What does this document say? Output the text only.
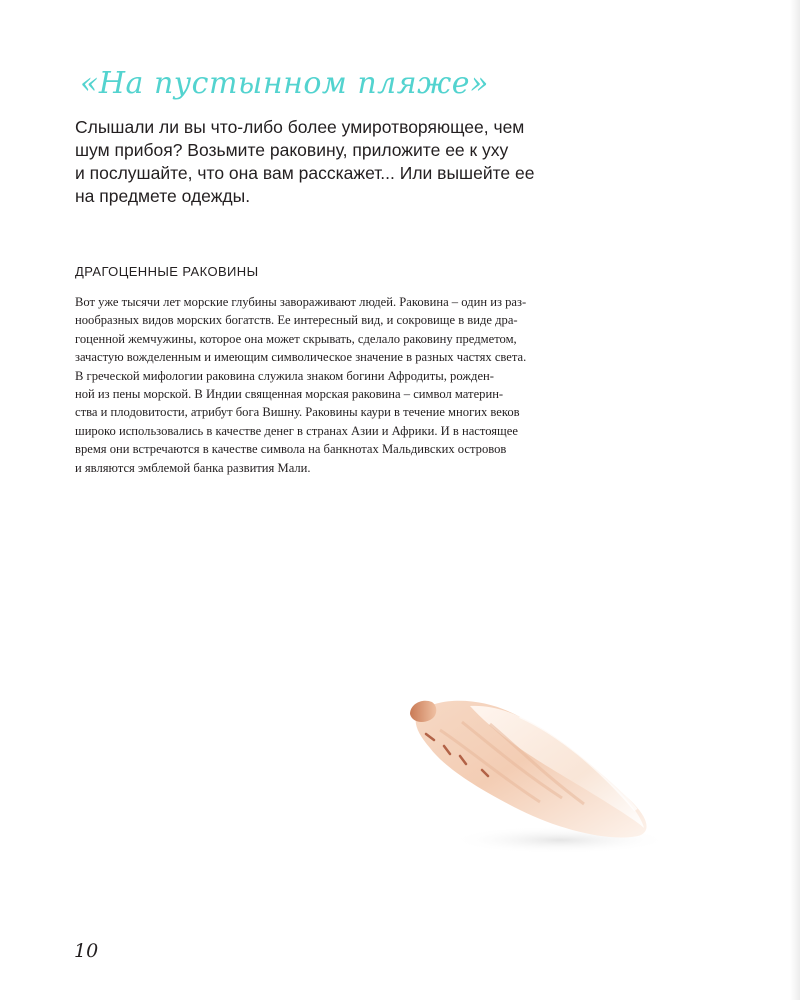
«На пустынном пляже»
Слышали ли вы что-либо более умиротворяющее, чем
шум прибоя? Возьмите раковину, приложите ее к уху
и послушайте, что она вам расскажет... Или вышейте ее
на предмете одежды.
ДРАГОЦЕННЫЕ РАКОВИНЫ
Вот уже тысячи лет морские глубины завораживают людей. Раковина – один из раз-
нообразных видов морских богатств. Ее интересный вид, и сокровище в виде дра-
гоценной жемчужины, которое она может скрывать, сделало раковину предметом,
зачастую вожделенным и имеющим символическое значение в разных частях света.
В греческой мифологии раковина служила знаком богини Афродиты, рожден-
ной из пены морской. В Индии священная морская раковина – символ материн-
ства и плодовитости, атрибут бога Вишну. Раковины каури в течение многих веков
широко использовались в качестве денег в странах Азии и Африки. И в настоящее
время они встречаются в качестве символа на банкнотах Мальдивских островов
и являются эмблемой банка развития Мали.
10
